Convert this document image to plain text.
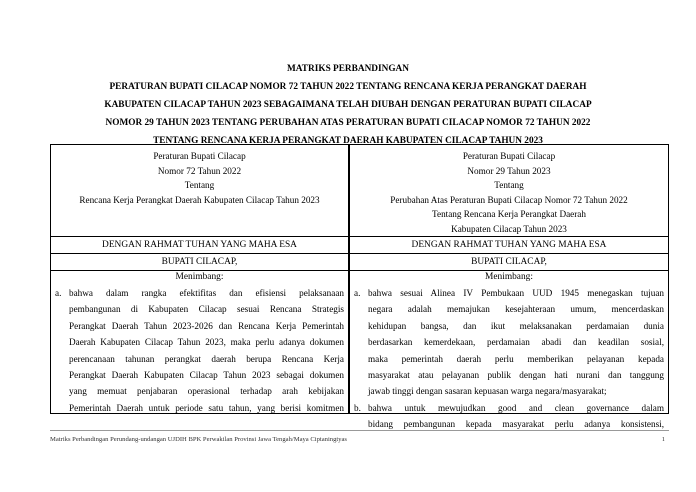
MATRIKS PERBANDINGAN
PERATURAN BUPATI CILACAP NOMOR 72 TAHUN 2022 TENTANG RENCANA KERJA PERANGKAT DAERAH
KABUPATEN CILACAP TAHUN 2023 SEBAGAIMANA TELAH DIUBAH DENGAN PERATURAN BUPATI CILACAP
NOMOR 29 TAHUN 2023 TENTANG PERUBAHAN ATAS PERATURAN BUPATI CILACAP NOMOR 72 TAHUN 2022
TENTANG RENCANA KERJA PERANGKAT DAERAH KABUPATEN CILACAP TAHUN 2023
Peraturan Bupati Cilacap
Nomor 72 Tahun 2022
Tentang
Rencana Kerja Perangkat Daerah Kabupaten Cilacap Tahun 2023
DENGAN RAHMAT TUHAN YANG MAHA ESA
BUPATI CILACAP,
Menimbang:
a. bahwa dalam rangka efektifitas dan efisiensi pelaksanaan
pembangunan di Kabupaten Cilacap sesuai Rencana Strategis
Perangkat Daerah Tahun 2023-2026 dan Rencana Kerja Pemerintah
Daerah Kabupaten Cilacap Tahun 2023, maka perlu adanya dokumen
perencanaan tahunan perangkat daerah berupa Rencana Kerja
Perangkat Daerah Kabupaten Cilacap Tahun 2023 sebagai dokumen
yang memuat penjabaran operasional terhadap arah kebijakan
Pemerintah Daerah untuk periode satu tahun, yang berisi komitmen
Peraturan Bupati Cilacap
Nomor 29 Tahun 2023
Tentang
Perubahan Atas Peraturan Bupati Cilacap Nomor 72 Tahun 2022
Tentang Rencana Kerja Perangkat Daerah
Kabupaten Cilacap Tahun 2023
DENGAN RAHMAT TUHAN YANG MAHA ESA
BUPATI CILACAP,
Menimbang:
a. bahwa sesuai Alinea IV Pembukaan UUD 1945 menegaskan tujuan
negara adalah memajukan kesejahteraan umum, mencerdaskan
kehidupan bangsa, dan ikut melaksanakan perdamaian dunia
berdasarkan kemerdekaan, perdamaian abadi dan keadilan sosial,
maka pemerintah daerah perlu memberikan pelayanan kepada
masyarakat atau pelayanan publik dengan hati nurani dan tanggung
jawab tinggi dengan sasaran kepuasan warga negara/masyarakat;
b. bahwa untuk mewujudkan good and clean governance dalam
bidang pembangunan kepada masyarakat perlu adanya konsistensi,
Matriks Perbandingan Perundang-undangan UJDIH BPK Perwakilan Provinsi Jawa Tengah/Maya Ciptaningtyas	1
